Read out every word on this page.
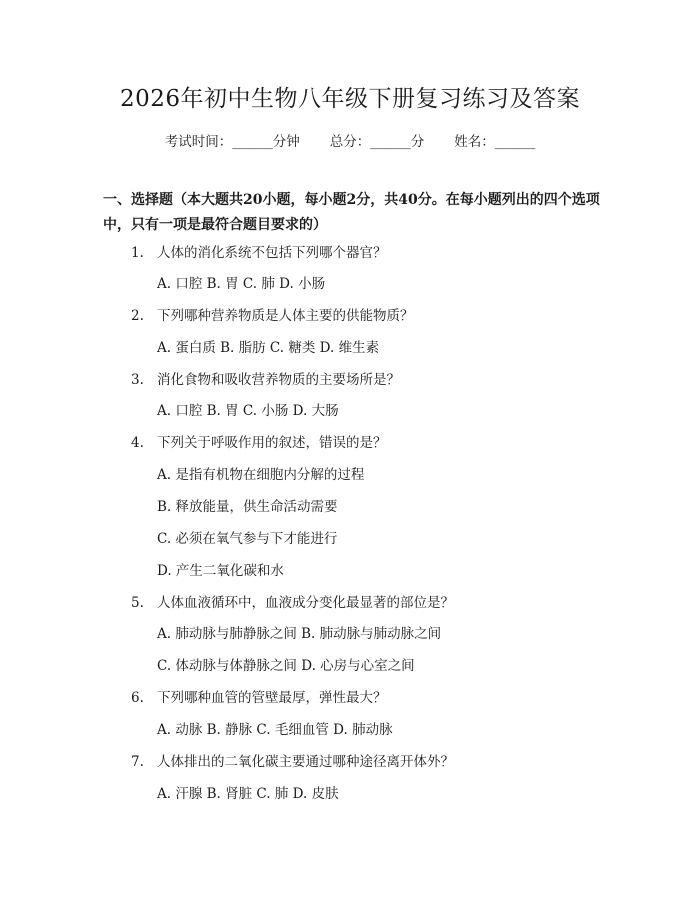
2026年初中生物八年级下册复习练习及答案
考试时间：______分钟 总分：______分 姓名：______
一、选择题（本大题共20小题，每小题2分，共40分。在每小题列出的四个选项中，只有一项是最符合题目要求的）
1. 人体的消化系统不包括下列哪个器官？
A. 口腔 B. 胃 C. 肺 D. 小肠
2. 下列哪种营养物质是人体主要的供能物质？
A. 蛋白质 B. 脂肪 C. 糖类 D. 维生素
3. 消化食物和吸收营养物质的主要场所是？
A. 口腔 B. 胃 C. 小肠 D. 大肠
4. 下列关于呼吸作用的叙述，错误的是？
A. 是指有机物在细胞内分解的过程
B. 释放能量，供生命活动需要
C. 必须在氧气参与下才能进行
D. 产生二氧化碳和水
5. 人体血液循环中，血液成分变化最显著的部位是？
A. 肺动脉与肺静脉之间 B. 肺动脉与肺动脉之间
C. 体动脉与体静脉之间 D. 心房与心室之间
6. 下列哪种血管的管壁最厚，弹性最大？
A. 动脉 B. 静脉 C. 毛细血管 D. 肺动脉
7. 人体排出的二氧化碳主要通过哪种途径离开体外？
A. 汗腺 B. 肾脏 C. 肺 D. 皮肤
